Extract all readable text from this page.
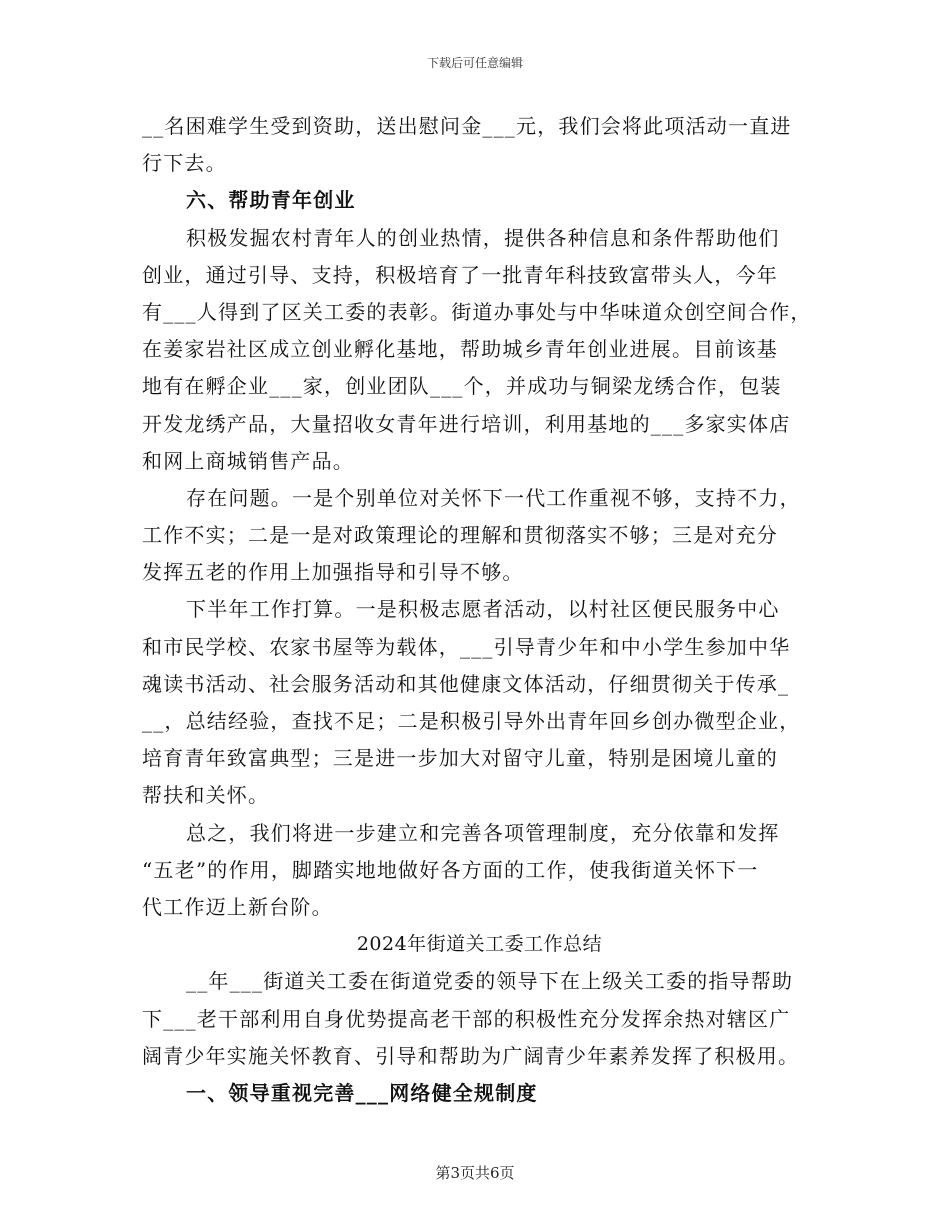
下载后可任意编辑
__名困难学生受到资助，送出慰问金___元，我们会将此项活动一直进
行下去。
六、帮助青年创业
积极发掘农村青年人的创业热情，提供各种信息和条件帮助他们
创业，通过引导、支持，积极培育了一批青年科技致富带头人，今年
有___人得到了区关工委的表彰。街道办事处与中华味道众创空间合作，
在姜家岩社区成立创业孵化基地，帮助城乡青年创业进展。目前该基
地有在孵企业___家，创业团队___个，并成功与铜梁龙绣合作，包装
开发龙绣产品，大量招收女青年进行培训，利用基地的___多家实体店
和网上商城销售产品。
存在问题。一是个别单位对关怀下一代工作重视不够，支持不力，
工作不实；二是一是对政策理论的理解和贯彻落实不够；三是对充分
发挥五老的作用上加强指导和引导不够。
下半年工作打算。一是积极志愿者活动，以村社区便民服务中心
和市民学校、农家书屋等为载体，___引导青少年和中小学生参加中华
魂读书活动、社会服务活动和其他健康文体活动，仔细贯彻关于传承_
__，总结经验，查找不足；二是积极引导外出青年回乡创办微型企业，
培育青年致富典型；三是进一步加大对留守儿童，特别是困境儿童的
帮扶和关怀。
总之，我们将进一步建立和完善各项管理制度，充分依靠和发挥
“五老”的作用，脚踏实地地做好各方面的工作，使我街道关怀下一
代工作迈上新台阶。
2024年街道关工委工作总结
__年___街道关工委在街道党委的领导下在上级关工委的指导帮助
下___老干部利用自身优势提高老干部的积极性充分发挥余热对辖区广
阔青少年实施关怀教育、引导和帮助为广阔青少年素养发挥了积极用。
一、领导重视完善___网络健全规制度
第3页共6页
